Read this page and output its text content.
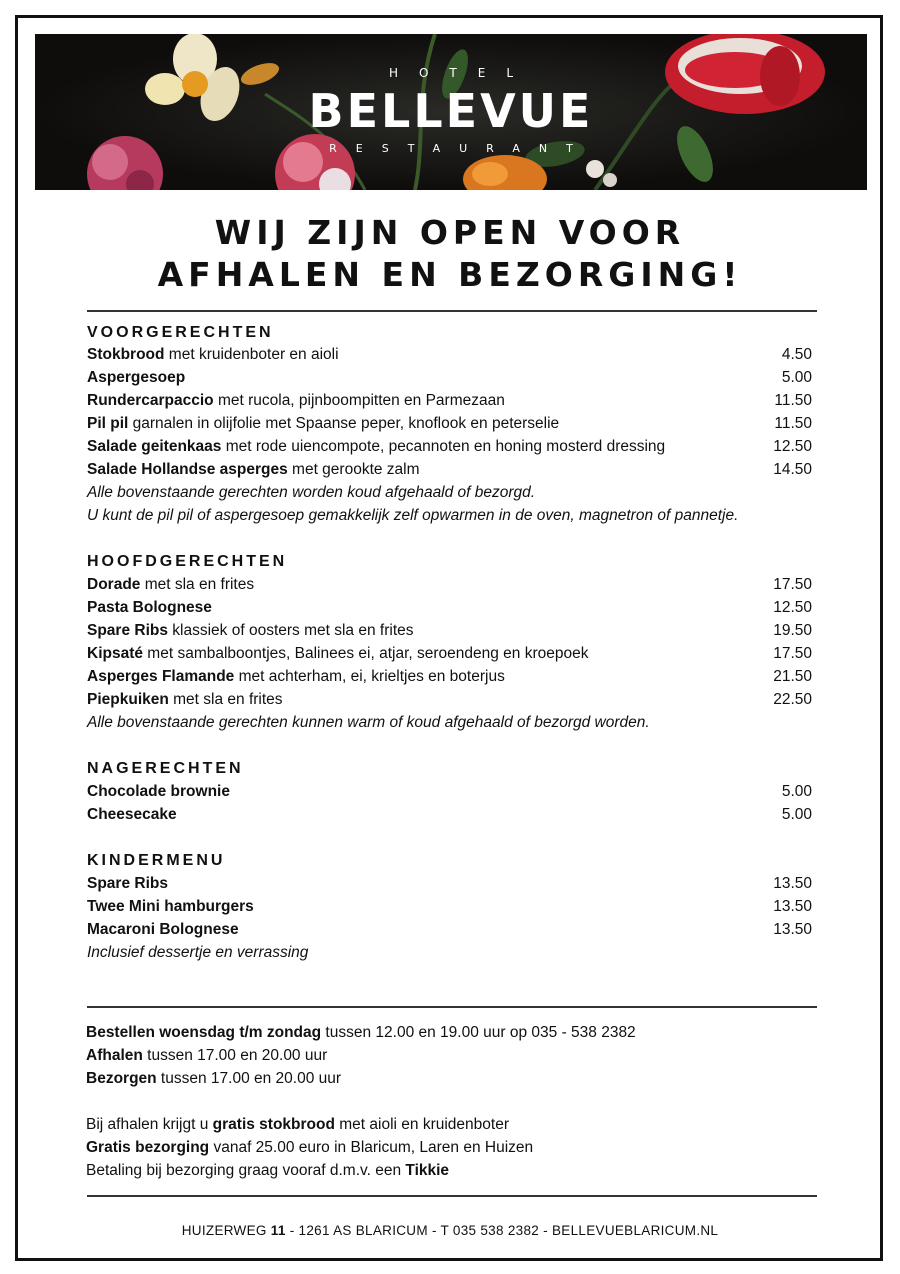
HOTEL
BELLEVUE
RESTAURANT
WIJ ZIJN OPEN VOOR
AFHALEN EN BEZORGING!
VOORGERECHTEN
Stokbrood met kruidenboter en aioli	4.50
Aspergesoep	5.00
Rundercarpaccio met rucola, pijnboompitten en Parmezaan	11.50
Pil pil garnalen in olijfolie met Spaanse peper, knoflook en peterselie	11.50
Salade geitenkaas met rode uiencompote, pecannoten en honing mosterd dressing	12.50
Salade Hollandse asperges met gerookte zalm	14.50
Alle bovenstaande gerechten worden koud afgehaald of bezorgd.
U kunt de pil pil of aspergesoep gemakkelijk zelf opwarmen in de oven, magnetron of pannetje.
HOOFDGERECHTEN
Dorade met sla en frites	17.50
Pasta Bolognese	12.50
Spare Ribs klassiek of oosters met sla en frites	19.50
Kipsaté met sambalboontjes, Balinees ei, atjar, seroendeng en kroepoek	17.50
Asperges Flamande met achterham, ei, krieltjes en boterjus	21.50
Piepkuiken met sla en frites	22.50
Alle bovenstaande gerechten kunnen warm of koud afgehaald of bezorgd worden.
NAGERECHTEN
Chocolade brownie	5.00
Cheesecake	5.00
KINDERMENU
Spare Ribs	13.50
Twee Mini hamburgers	13.50
Macaroni Bolognese	13.50
Inclusief dessertje en verrassing
Bestellen woensdag t/m zondag tussen 12.00 en 19.00 uur op 035 - 538 2382
Afhalen tussen 17.00 en 20.00 uur
Bezorgen tussen 17.00 en 20.00 uur
Bij afhalen krijgt u gratis stokbrood met aioli en kruidenboter
Gratis bezorging vanaf 25.00 euro in Blaricum, Laren en Huizen
Betaling bij bezorging graag vooraf d.m.v. een Tikkie
HUIZERWEG 11 - 1261 AS BLARICUM - T 035 538 2382 - BELLEVUEBLARICUM.NL
